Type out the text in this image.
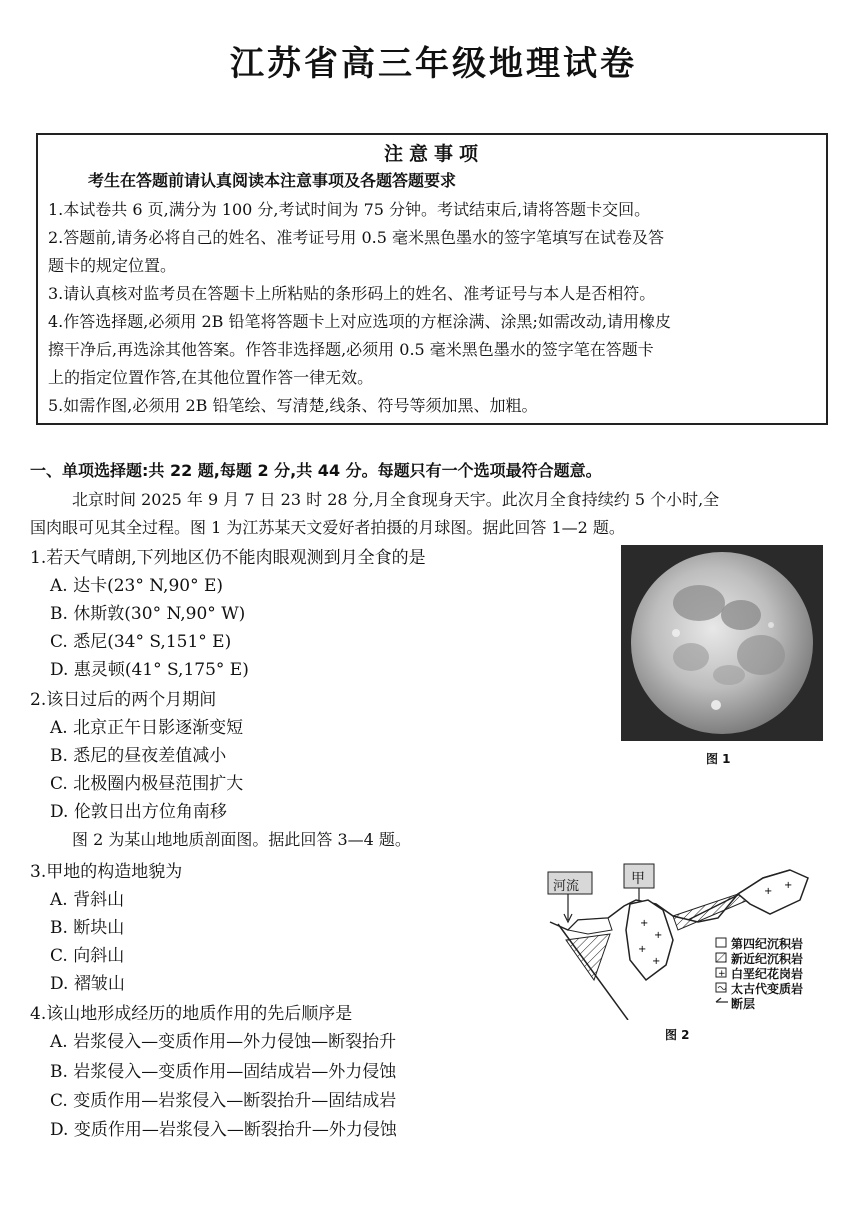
江苏省高三年级地理试卷
注意事项
考生在答题前请认真阅读本注意事项及各题答题要求
1.本试卷共 6 页,满分为 100 分,考试时间为 75 分钟。考试结束后,请将答题卡交回。
2.答题前,请务必将自己的姓名、准考证号用 0.5 毫米黑色墨水的签字笔填写在试卷及答
题卡的规定位置。
3.请认真核对监考员在答题卡上所粘贴的条形码上的姓名、准考证号与本人是否相符。
4.作答选择题,必须用 2B 铅笔将答题卡上对应选项的方框涂满、涂黑;如需改动,请用橡皮
擦干净后,再选涂其他答案。作答非选择题,必须用 0.5 毫米黑色墨水的签字笔在答题卡
上的指定位置作答,在其他位置作答一律无效。
5.如需作图,必须用 2B 铅笔绘、写清楚,线条、符号等须加黑、加粗。
一、单项选择题:共 22 题,每题 2 分,共 44 分。每题只有一个选项最符合题意。
北京时间 2025 年 9 月 7 日 23 时 28 分,月全食现身天宇。此次月全食持续约 5 个小时,全
国肉眼可见其全过程。图 1 为江苏某天文爱好者拍摄的月球图。据此回答 1—2 题。
1.若天气晴朗,下列地区仍不能肉眼观测到月全食的是
A. 达卡(23° N,90° E)
B. 休斯敦(30° N,90° W)
C. 悉尼(34° S,151° E)
D. 惠灵顿(41° S,175° E)
2.该日过后的两个月期间
A. 北京正午日影逐渐变短
B. 悉尼的昼夜差值减小
C. 北极圈内极昼范围扩大
D. 伦敦日出方位角南移
图 1
图 2 为某山地地质剖面图。据此回答 3—4 题。
3.甲地的构造地貌为
A. 背斜山
B. 断块山
C. 向斜山
D. 褶皱山
4.该山地形成经历的地质作用的先后顺序是
A. 岩浆侵入—变质作用—外力侵蚀—断裂抬升
B. 岩浆侵入—变质作用—固结成岩—外力侵蚀
C. 变质作用—岩浆侵入—断裂抬升—固结成岩
D. 变质作用—岩浆侵入—断裂抬升—外力侵蚀
+
+
+
+
+
+
+
河流	甲
第四纪沉积岩
新近纪沉积岩
白垩纪花岗岩
太古代变质岩
断层
图 2
